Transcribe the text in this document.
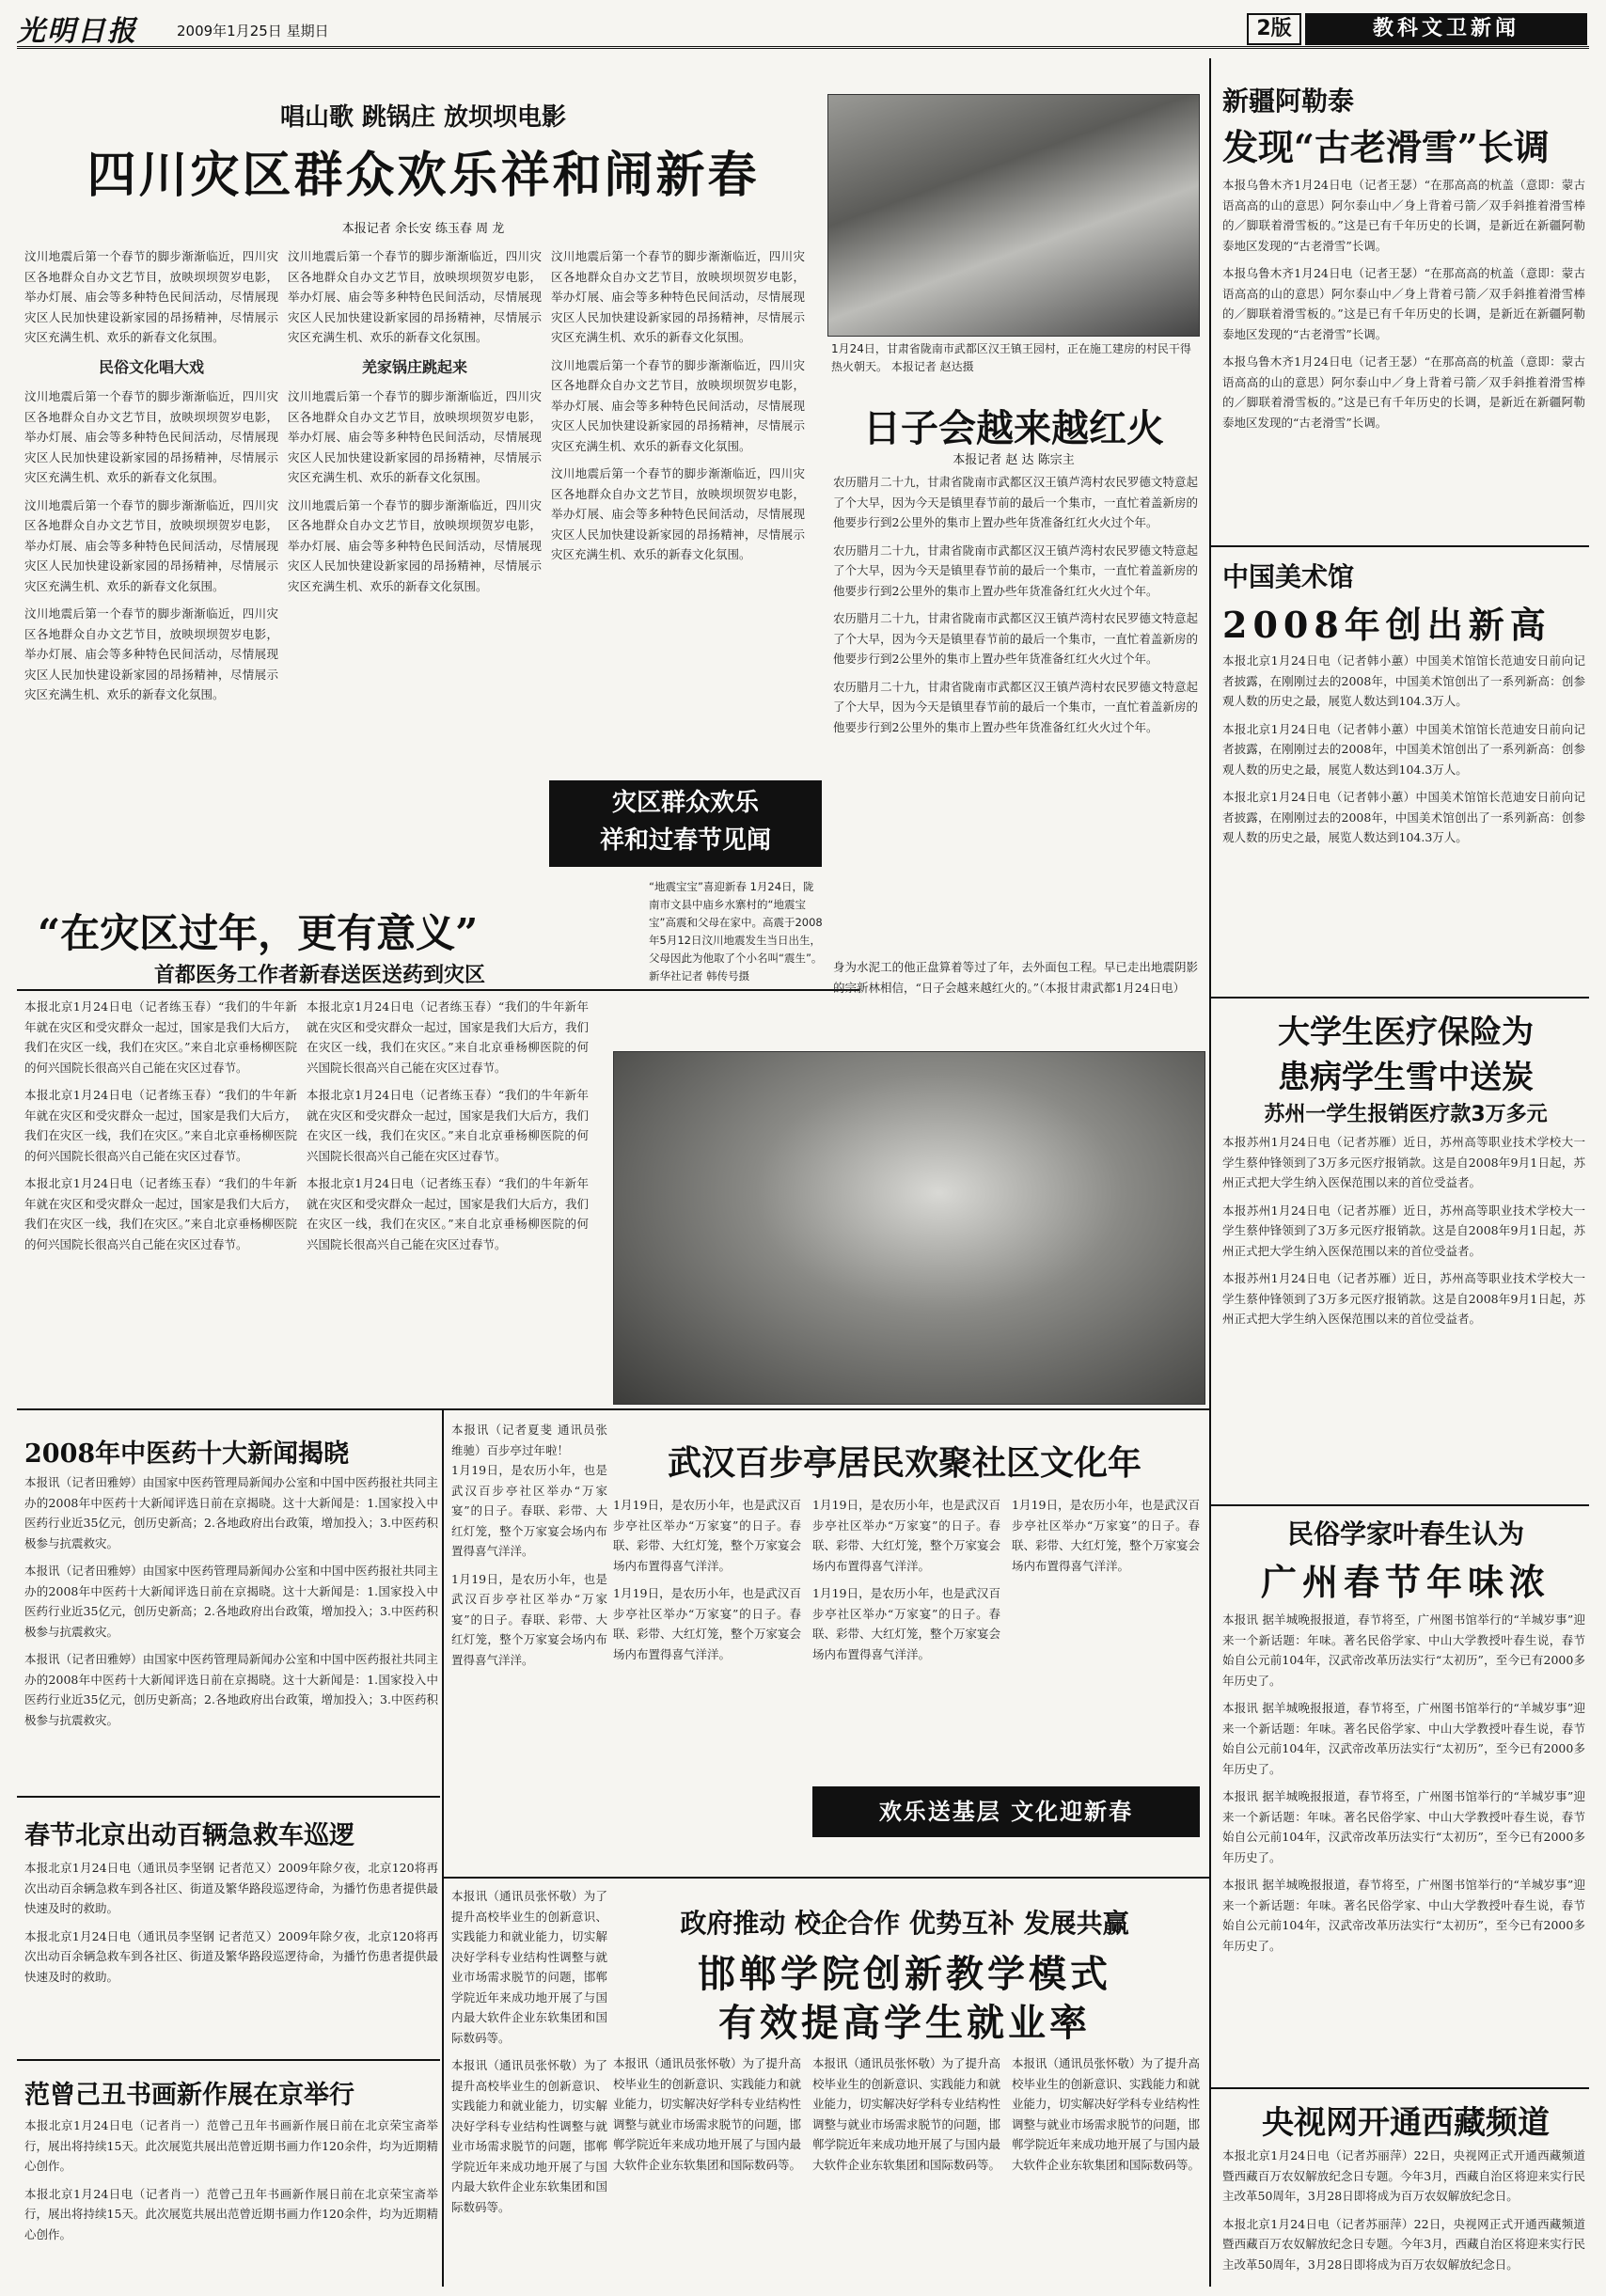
光明日报	2009年1月25日 星期日	2版	教科文卫新闻
唱山歌 跳锅庄 放坝坝电影
四川灾区群众欢乐祥和闹新春
本报记者 余长安 练玉春 周 龙

汶川地震后第一个春节的脚步渐渐临近，四川灾区各地群众自办文艺节目，放映坝坝贺岁电影，举办灯展、庙会等多种特色民间活动，尽情展现灾区人民加快建设新家园的昂扬精神，尽情展示灾区充满生机、欢乐的新春文化氛围。

民俗文化唱大戏

汶川地震后第一个春节的脚步渐渐临近，四川灾区各地群众自办文艺节目，放映坝坝贺岁电影，举办灯展、庙会等多种特色民间活动，尽情展现灾区人民加快建设新家园的昂扬精神，尽情展示灾区充满生机、欢乐的新春文化氛围。

汶川地震后第一个春节的脚步渐渐临近，四川灾区各地群众自办文艺节目，放映坝坝贺岁电影，举办灯展、庙会等多种特色民间活动，尽情展现灾区人民加快建设新家园的昂扬精神，尽情展示灾区充满生机、欢乐的新春文化氛围。

汶川地震后第一个春节的脚步渐渐临近，四川灾区各地群众自办文艺节目，放映坝坝贺岁电影，举办灯展、庙会等多种特色民间活动，尽情展现灾区人民加快建设新家园的昂扬精神，尽情展示灾区充满生机、欢乐的新春文化氛围。

汶川地震后第一个春节的脚步渐渐临近，四川灾区各地群众自办文艺节目，放映坝坝贺岁电影，举办灯展、庙会等多种特色民间活动，尽情展现灾区人民加快建设新家园的昂扬精神，尽情展示灾区充满生机、欢乐的新春文化氛围。

羌家锅庄跳起来

汶川地震后第一个春节的脚步渐渐临近，四川灾区各地群众自办文艺节目，放映坝坝贺岁电影，举办灯展、庙会等多种特色民间活动，尽情展现灾区人民加快建设新家园的昂扬精神，尽情展示灾区充满生机、欢乐的新春文化氛围。

汶川地震后第一个春节的脚步渐渐临近，四川灾区各地群众自办文艺节目，放映坝坝贺岁电影，举办灯展、庙会等多种特色民间活动，尽情展现灾区人民加快建设新家园的昂扬精神，尽情展示灾区充满生机、欢乐的新春文化氛围。

汶川地震后第一个春节的脚步渐渐临近，四川灾区各地群众自办文艺节目，放映坝坝贺岁电影，举办灯展、庙会等多种特色民间活动，尽情展现灾区人民加快建设新家园的昂扬精神，尽情展示灾区充满生机、欢乐的新春文化氛围。

汶川地震后第一个春节的脚步渐渐临近，四川灾区各地群众自办文艺节目，放映坝坝贺岁电影，举办灯展、庙会等多种特色民间活动，尽情展现灾区人民加快建设新家园的昂扬精神，尽情展示灾区充满生机、欢乐的新春文化氛围。

汶川地震后第一个春节的脚步渐渐临近，四川灾区各地群众自办文艺节目，放映坝坝贺岁电影，举办灯展、庙会等多种特色民间活动，尽情展现灾区人民加快建设新家园的昂扬精神，尽情展示灾区充满生机、欢乐的新春文化氛围。

1月24日，甘肃省陇南市武都区汉王镇王园村，正在施工建房的村民干得热火朝天。 本报记者 赵达摄
日子会越来越红火
本报记者 赵 达 陈宗主

农历腊月二十九，甘肃省陇南市武都区汉王镇芦湾村农民罗德文特意起了个大早，因为今天是镇里春节前的最后一个集市，一直忙着盖新房的他要步行到2公里外的集市上置办些年货准备红红火火过个年。

农历腊月二十九，甘肃省陇南市武都区汉王镇芦湾村农民罗德文特意起了个大早，因为今天是镇里春节前的最后一个集市，一直忙着盖新房的他要步行到2公里外的集市上置办些年货准备红红火火过个年。

农历腊月二十九，甘肃省陇南市武都区汉王镇芦湾村农民罗德文特意起了个大早，因为今天是镇里春节前的最后一个集市，一直忙着盖新房的他要步行到2公里外的集市上置办些年货准备红红火火过个年。

农历腊月二十九，甘肃省陇南市武都区汉王镇芦湾村农民罗德文特意起了个大早，因为今天是镇里春节前的最后一个集市，一直忙着盖新房的他要步行到2公里外的集市上置办些年货准备红红火火过个年。

身为水泥工的他正盘算着等过了年，去外面包工程。早已走出地震阴影的宗新林相信，“日子会越来越红火的。”（本报甘肃武都1月24日电）
灾区群众欢乐
祥和过春节见闻
“在灾区过年，更有意义”
首都医务工作者新春送医送药到灾区

本报北京1月24日电（记者练玉春）“我们的牛年新年就在灾区和受灾群众一起过，国家是我们大后方，我们在灾区一线，我们在灾区。”来自北京垂杨柳医院的何兴国院长很高兴自己能在灾区过春节。

本报北京1月24日电（记者练玉春）“我们的牛年新年就在灾区和受灾群众一起过，国家是我们大后方，我们在灾区一线，我们在灾区。”来自北京垂杨柳医院的何兴国院长很高兴自己能在灾区过春节。

本报北京1月24日电（记者练玉春）“我们的牛年新年就在灾区和受灾群众一起过，国家是我们大后方，我们在灾区一线，我们在灾区。”来自北京垂杨柳医院的何兴国院长很高兴自己能在灾区过春节。

本报北京1月24日电（记者练玉春）“我们的牛年新年就在灾区和受灾群众一起过，国家是我们大后方，我们在灾区一线，我们在灾区。”来自北京垂杨柳医院的何兴国院长很高兴自己能在灾区过春节。

本报北京1月24日电（记者练玉春）“我们的牛年新年就在灾区和受灾群众一起过，国家是我们大后方，我们在灾区一线，我们在灾区。”来自北京垂杨柳医院的何兴国院长很高兴自己能在灾区过春节。

本报北京1月24日电（记者练玉春）“我们的牛年新年就在灾区和受灾群众一起过，国家是我们大后方，我们在灾区一线，我们在灾区。”来自北京垂杨柳医院的何兴国院长很高兴自己能在灾区过春节。

“地震宝宝”喜迎新春 1月24日，陇南市文县中庙乡水寨村的“地震宝宝”高震和父母在家中。高震于2008年5月12日汶川地震发生当日出生，父母因此为他取了个小名叫“震生”。 新华社记者 韩传号摄
2008年中医药十大新闻揭晓

本报讯（记者田雅婷）由国家中医药管理局新闻办公室和中国中医药报社共同主办的2008年中医药十大新闻评选日前在京揭晓。这十大新闻是：1.国家投入中医药行业近35亿元，创历史新高；2.各地政府出台政策，增加投入；3.中医药积极参与抗震救灾。

本报讯（记者田雅婷）由国家中医药管理局新闻办公室和中国中医药报社共同主办的2008年中医药十大新闻评选日前在京揭晓。这十大新闻是：1.国家投入中医药行业近35亿元，创历史新高；2.各地政府出台政策，增加投入；3.中医药积极参与抗震救灾。

本报讯（记者田雅婷）由国家中医药管理局新闻办公室和中国中医药报社共同主办的2008年中医药十大新闻评选日前在京揭晓。这十大新闻是：1.国家投入中医药行业近35亿元，创历史新高；2.各地政府出台政策，增加投入；3.中医药积极参与抗震救灾。

春节北京出动百辆急救车巡逻

本报北京1月24日电（通讯员李坚钢 记者范又）2009年除夕夜，北京120将再次出动百余辆急救车到各社区、街道及繁华路段巡逻待命，为播竹伤患者提供最快速及时的救助。

本报北京1月24日电（通讯员李坚钢 记者范又）2009年除夕夜，北京120将再次出动百余辆急救车到各社区、街道及繁华路段巡逻待命，为播竹伤患者提供最快速及时的救助。

范曾己丑书画新作展在京举行

本报北京1月24日电（记者肖一）范曾己丑年书画新作展日前在北京荣宝斋举行，展出将持续15天。此次展览共展出范曾近期书画力作120余件，均为近期精心创作。

本报北京1月24日电（记者肖一）范曾己丑年书画新作展日前在北京荣宝斋举行，展出将持续15天。此次展览共展出范曾近期书画力作120余件，均为近期精心创作。

本报讯（记者夏斐 通讯员张维驰）百步亭过年啦！

1月19日，是农历小年，也是武汉百步亭社区举办“万家宴”的日子。春联、彩带、大红灯笼，整个万家宴会场内布置得喜气洋洋。

1月19日，是农历小年，也是武汉百步亭社区举办“万家宴”的日子。春联、彩带、大红灯笼，整个万家宴会场内布置得喜气洋洋。

武汉百步亭居民欢聚社区文化年

1月19日，是农历小年，也是武汉百步亭社区举办“万家宴”的日子。春联、彩带、大红灯笼，整个万家宴会场内布置得喜气洋洋。

1月19日，是农历小年，也是武汉百步亭社区举办“万家宴”的日子。春联、彩带、大红灯笼，整个万家宴会场内布置得喜气洋洋。

1月19日，是农历小年，也是武汉百步亭社区举办“万家宴”的日子。春联、彩带、大红灯笼，整个万家宴会场内布置得喜气洋洋。

1月19日，是农历小年，也是武汉百步亭社区举办“万家宴”的日子。春联、彩带、大红灯笼，整个万家宴会场内布置得喜气洋洋。

1月19日，是农历小年，也是武汉百步亭社区举办“万家宴”的日子。春联、彩带、大红灯笼，整个万家宴会场内布置得喜气洋洋。

欢乐送基层 文化迎新春

本报讯（通讯员张怀敬）为了提升高校毕业生的创新意识、实践能力和就业能力，切实解决好学科专业结构性调整与就业市场需求脱节的问题，邯郸学院近年来成功地开展了与国内最大软件企业东软集团和国际数码等。

本报讯（通讯员张怀敬）为了提升高校毕业生的创新意识、实践能力和就业能力，切实解决好学科专业结构性调整与就业市场需求脱节的问题，邯郸学院近年来成功地开展了与国内最大软件企业东软集团和国际数码等。

政府推动 校企合作 优势互补 发展共赢
邯郸学院创新教学模式
有效提高学生就业率

本报讯（通讯员张怀敬）为了提升高校毕业生的创新意识、实践能力和就业能力，切实解决好学科专业结构性调整与就业市场需求脱节的问题，邯郸学院近年来成功地开展了与国内最大软件企业东软集团和国际数码等。

本报讯（通讯员张怀敬）为了提升高校毕业生的创新意识、实践能力和就业能力，切实解决好学科专业结构性调整与就业市场需求脱节的问题，邯郸学院近年来成功地开展了与国内最大软件企业东软集团和国际数码等。

本报讯（通讯员张怀敬）为了提升高校毕业生的创新意识、实践能力和就业能力，切实解决好学科专业结构性调整与就业市场需求脱节的问题，邯郸学院近年来成功地开展了与国内最大软件企业东软集团和国际数码等。

新疆阿勒泰
发现“古老滑雪”长调

本报乌鲁木齐1月24日电（记者王瑟）“在那高高的杭盖（意即：蒙古语高高的山的意思）阿尔泰山中／身上背着弓箭／双手斜推着滑雪棒的／脚联着滑雪板的。”这是已有千年历史的长调，是新近在新疆阿勒泰地区发现的“古老滑雪”长调。

本报乌鲁木齐1月24日电（记者王瑟）“在那高高的杭盖（意即：蒙古语高高的山的意思）阿尔泰山中／身上背着弓箭／双手斜推着滑雪棒的／脚联着滑雪板的。”这是已有千年历史的长调，是新近在新疆阿勒泰地区发现的“古老滑雪”长调。

本报乌鲁木齐1月24日电（记者王瑟）“在那高高的杭盖（意即：蒙古语高高的山的意思）阿尔泰山中／身上背着弓箭／双手斜推着滑雪棒的／脚联着滑雪板的。”这是已有千年历史的长调，是新近在新疆阿勒泰地区发现的“古老滑雪”长调。

中国美术馆
2008年创出新高

本报北京1月24日电（记者韩小蕙）中国美术馆馆长范迪安日前向记者披露，在刚刚过去的2008年，中国美术馆创出了一系列新高：创参观人数的历史之最，展览人数达到104.3万人。

本报北京1月24日电（记者韩小蕙）中国美术馆馆长范迪安日前向记者披露，在刚刚过去的2008年，中国美术馆创出了一系列新高：创参观人数的历史之最，展览人数达到104.3万人。

本报北京1月24日电（记者韩小蕙）中国美术馆馆长范迪安日前向记者披露，在刚刚过去的2008年，中国美术馆创出了一系列新高：创参观人数的历史之最，展览人数达到104.3万人。

大学生医疗保险为
患病学生雪中送炭
苏州一学生报销医疗款3万多元

本报苏州1月24日电（记者苏雁）近日，苏州高等职业技术学校大一学生蔡仲锋领到了3万多元医疗报销款。这是自2008年9月1日起，苏州正式把大学生纳入医保范围以来的首位受益者。

本报苏州1月24日电（记者苏雁）近日，苏州高等职业技术学校大一学生蔡仲锋领到了3万多元医疗报销款。这是自2008年9月1日起，苏州正式把大学生纳入医保范围以来的首位受益者。

本报苏州1月24日电（记者苏雁）近日，苏州高等职业技术学校大一学生蔡仲锋领到了3万多元医疗报销款。这是自2008年9月1日起，苏州正式把大学生纳入医保范围以来的首位受益者。

民俗学家叶春生认为
广州春节年味浓

本报讯 据羊城晚报报道，春节将至，广州图书馆举行的“羊城岁事”迎来一个新话题：年味。著名民俗学家、中山大学教授叶春生说，春节始自公元前104年，汉武帝改革历法实行“太初历”，至今已有2000多年历史了。

本报讯 据羊城晚报报道，春节将至，广州图书馆举行的“羊城岁事”迎来一个新话题：年味。著名民俗学家、中山大学教授叶春生说，春节始自公元前104年，汉武帝改革历法实行“太初历”，至今已有2000多年历史了。

本报讯 据羊城晚报报道，春节将至，广州图书馆举行的“羊城岁事”迎来一个新话题：年味。著名民俗学家、中山大学教授叶春生说，春节始自公元前104年，汉武帝改革历法实行“太初历”，至今已有2000多年历史了。

本报讯 据羊城晚报报道，春节将至，广州图书馆举行的“羊城岁事”迎来一个新话题：年味。著名民俗学家、中山大学教授叶春生说，春节始自公元前104年，汉武帝改革历法实行“太初历”，至今已有2000多年历史了。

央视网开通西藏频道

本报北京1月24日电（记者苏丽萍）22日，央视网正式开通西藏频道暨西藏百万农奴解放纪念日专题。今年3月，西藏自治区将迎来实行民主改革50周年，3月28日即将成为百万农奴解放纪念日。

本报北京1月24日电（记者苏丽萍）22日，央视网正式开通西藏频道暨西藏百万农奴解放纪念日专题。今年3月，西藏自治区将迎来实行民主改革50周年，3月28日即将成为百万农奴解放纪念日。
